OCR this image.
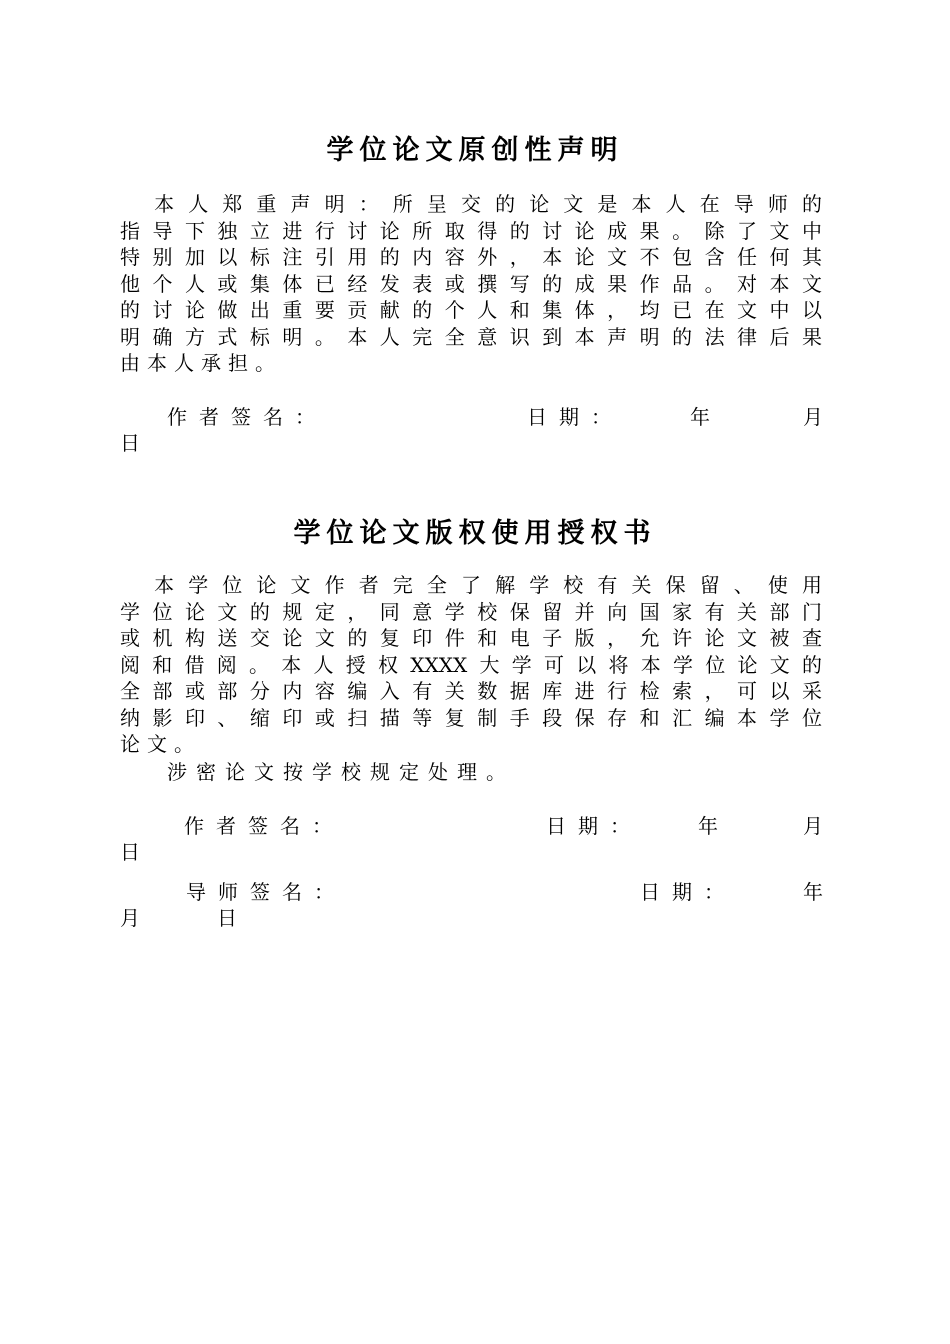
学位论文原创性声明
　本人郑重声明：所呈交的论文是本人在导师的
指导下独立进行讨论所取得的讨论成果。除了文中
特别加以标注引用的内容外，本论文不包含任何其
他个人或集体已经发表或撰写的成果作品。对本文
的讨论做出重要贡献的个人和集体，均已在文中以
明确方式标明。本人完全意识到本声明的法律后果
由本人承担。
作者签名：	日期：	年	月
日
学位论文版权使用授权书
　本学位论文作者完全了解学校有关保留、使用
学位论文的规定，同意学校保留并向国家有关部门
或机构送交论文的复印件和电子版，允许论文被查
阅和借阅。本人授权XXXX大学可以将本学位论文的
全部或部分内容编入有关数据库进行检索，可以采
纳影印、缩印或扫描等复制手段保存和汇编本学位
论文。
涉密论文按学校规定处理。
作者签名：	日期：	年	月
日
导师签名：	日期：	年
月	日
